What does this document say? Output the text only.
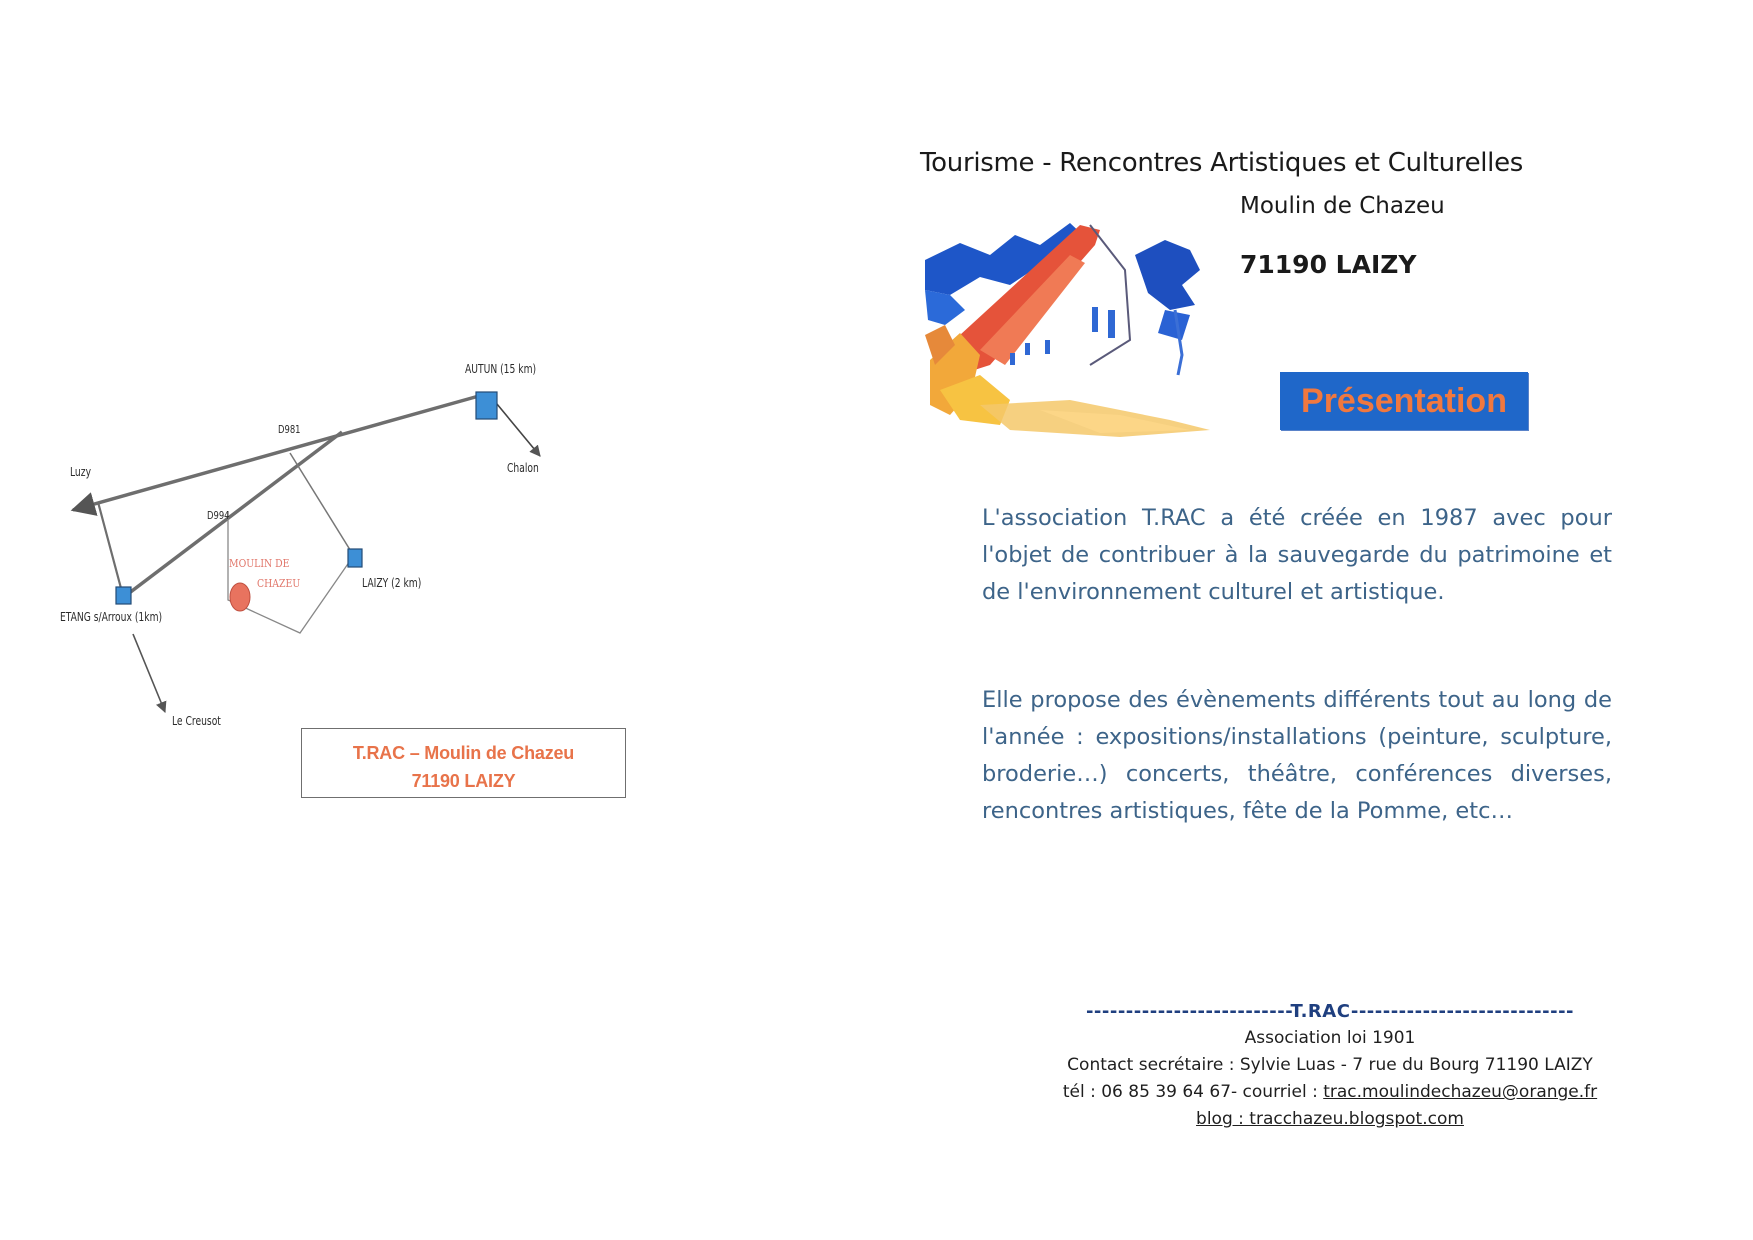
AUTUN (15 km)
Chalon
Luzy
D981
D994
MOULIN DE
CHAZEU	LAIZY (2 km)
ETANG s/Arroux (1km)
Le Creusot
T.RAC – Moulin de Chazeu
71190 LAIZY
Tourisme - Rencontres Artistiques et Culturelles
Moulin de Chazeu
71190 LAIZY
Présentation
L'association T.RAC a été créée en 1987 avec pour l'objet de contribuer à la sauvegarde du patrimoine et de l'environnement culturel et artistique.
Elle propose des évènements différents tout au long de l'année : expositions/installations (peinture, sculpture, broderie…) concerts, théâtre, conférences diverses, rencontres artistiques, fête de la Pomme, etc…
--------------------------T.RAC----------------------------
Association loi 1901
Contact secrétaire : Sylvie Luas - 7 rue du Bourg 71190 LAIZY
tél : 06 85 39 64 67- courriel : trac.moulindechazeu@orange.fr
blog : tracchazeu.blogspot.com
